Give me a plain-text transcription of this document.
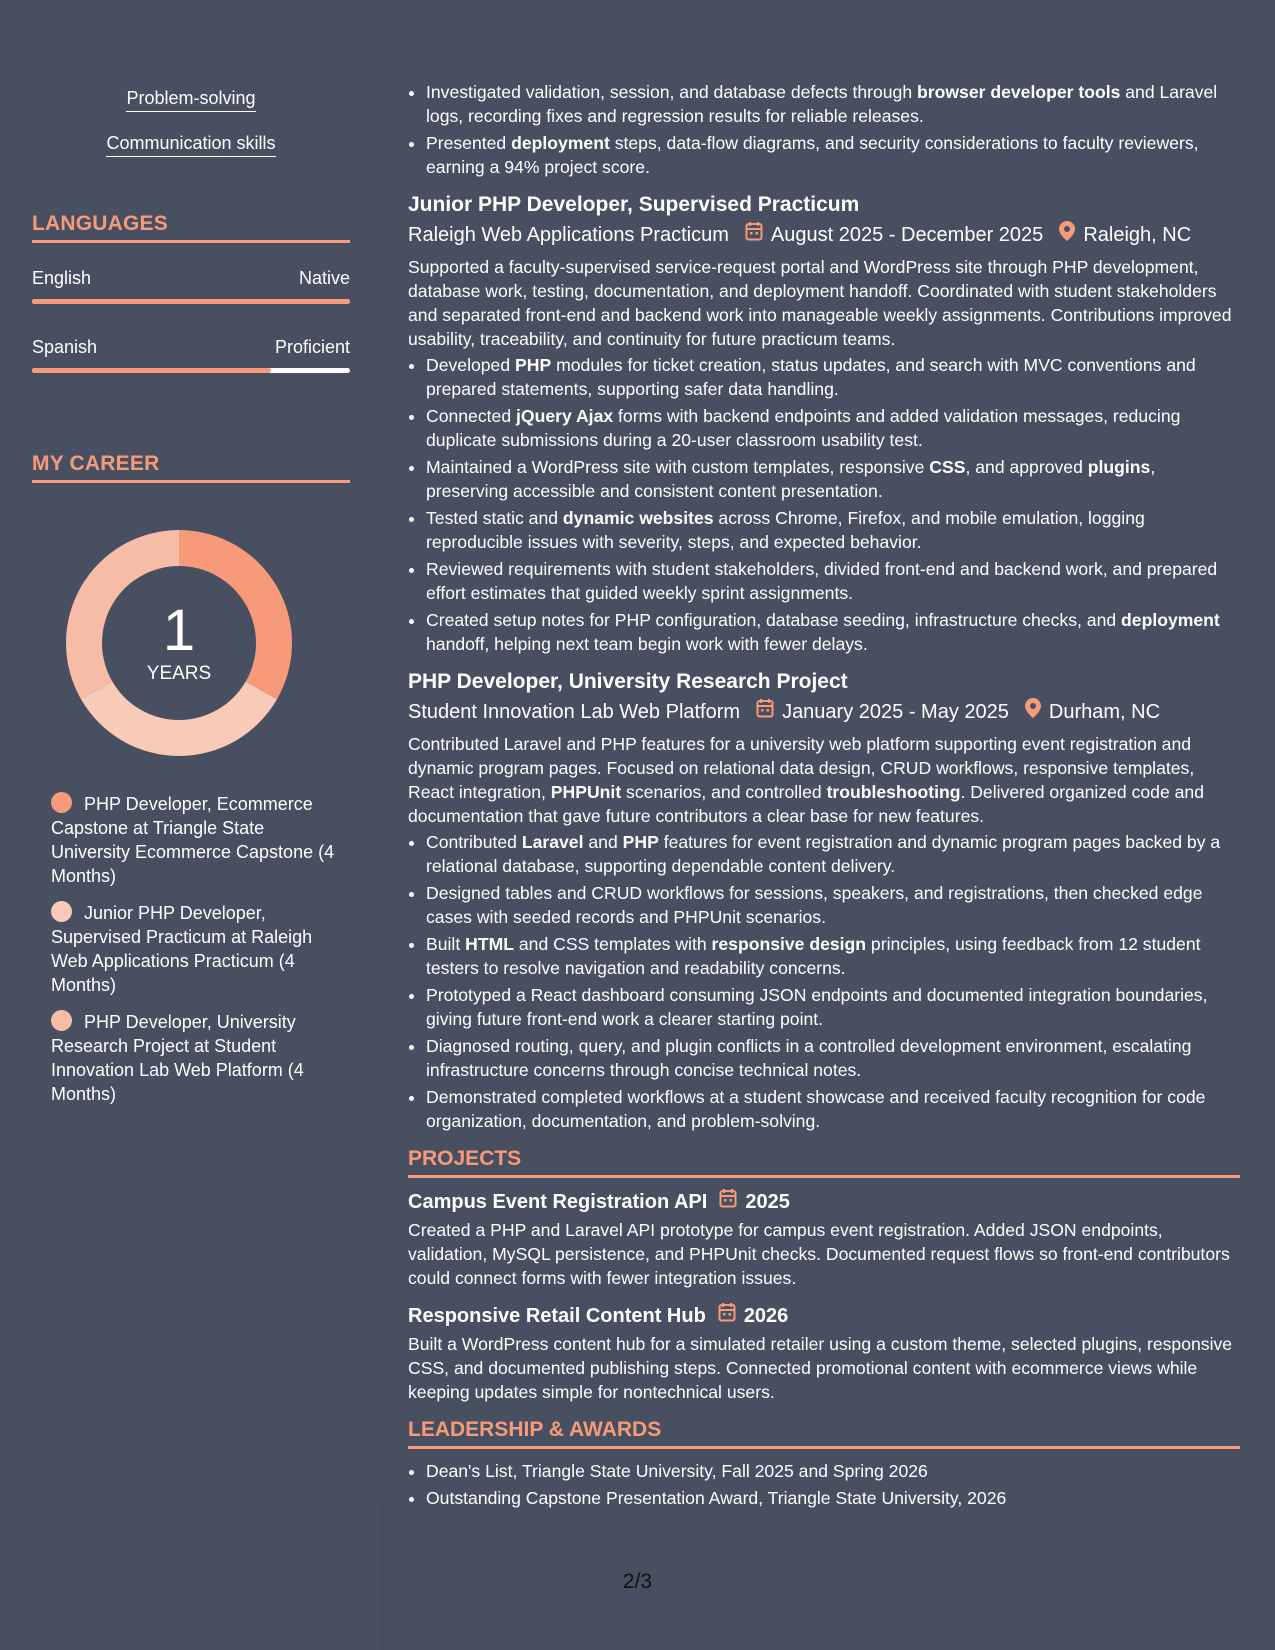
Problem-solving
Communication skills
LANGUAGES
English	Native
Spanish	Proficient
MY CAREER
1
YEARS
PHP Developer, Ecommerce Capstone at Triangle State University Ecommerce Capstone (4 Months)
Junior PHP Developer, Supervised Practicum at Raleigh Web Applications Practicum (4 Months)
PHP Developer, University Research Project at Student Innovation Lab Web Platform (4 Months)
• Investigated validation, session, and database defects through browser developer tools and Laravel logs, recording fixes and regression results for reliable releases.
• Presented deployment steps, data-flow diagrams, and security considerations to faculty reviewers, earning a 94% project score.
Junior PHP Developer, Supervised Practicum
Raleigh Web Applications Practicum August 2025 - December 2025 Raleigh, NC

Supported a faculty-supervised service-request portal and WordPress site through PHP development, database work, testing, documentation, and deployment handoff. Coordinated with student stakeholders and separated front-end and backend work into manageable weekly assignments. Contributions improved usability, traceability, and continuity for future practicum teams.

• Developed PHP modules for ticket creation, status updates, and search with MVC conventions and prepared statements, supporting safer data handling.
• Connected jQuery Ajax forms with backend endpoints and added validation messages, reducing duplicate submissions during a 20-user classroom usability test.
• Maintained a WordPress site with custom templates, responsive CSS, and approved plugins, preserving accessible and consistent content presentation.
• Tested static and dynamic websites across Chrome, Firefox, and mobile emulation, logging reproducible issues with severity, steps, and expected behavior.
• Reviewed requirements with student stakeholders, divided front-end and backend work, and prepared effort estimates that guided weekly sprint assignments.
• Created setup notes for PHP configuration, database seeding, infrastructure checks, and deployment handoff, helping next team begin work with fewer delays.
PHP Developer, University Research Project
Student Innovation Lab Web Platform January 2025 - May 2025 Durham, NC

Contributed Laravel and PHP features for a university web platform supporting event registration and dynamic program pages. Focused on relational data design, CRUD workflows, responsive templates, React integration, PHPUnit scenarios, and controlled troubleshooting. Delivered organized code and documentation that gave future contributors a clear base for new features.

• Contributed Laravel and PHP features for event registration and dynamic program pages backed by a relational database, supporting dependable content delivery.
• Designed tables and CRUD workflows for sessions, speakers, and registrations, then checked edge cases with seeded records and PHPUnit scenarios.
• Built HTML and CSS templates with responsive design principles, using feedback from 12 student testers to resolve navigation and readability concerns.
• Prototyped a React dashboard consuming JSON endpoints and documented integration boundaries, giving future front-end work a clearer starting point.
• Diagnosed routing, query, and plugin conflicts in a controlled development environment, escalating infrastructure concerns through concise technical notes.
• Demonstrated completed workflows at a student showcase and received faculty recognition for code organization, documentation, and problem-solving.
PROJECTS
Campus Event Registration API 2025

Created a PHP and Laravel API prototype for campus event registration. Added JSON endpoints, validation, MySQL persistence, and PHPUnit checks. Documented request flows so front-end contributors could connect forms with fewer integration issues.

Responsive Retail Content Hub 2026

Built a WordPress content hub for a simulated retailer using a custom theme, selected plugins, responsive CSS, and documented publishing steps. Connected promotional content with ecommerce views while keeping updates simple for nontechnical users.

LEADERSHIP & AWARDS
• Dean's List, Triangle State University, Fall 2025 and Spring 2026
• Outstanding Capstone Presentation Award, Triangle State University, 2026
2/3
